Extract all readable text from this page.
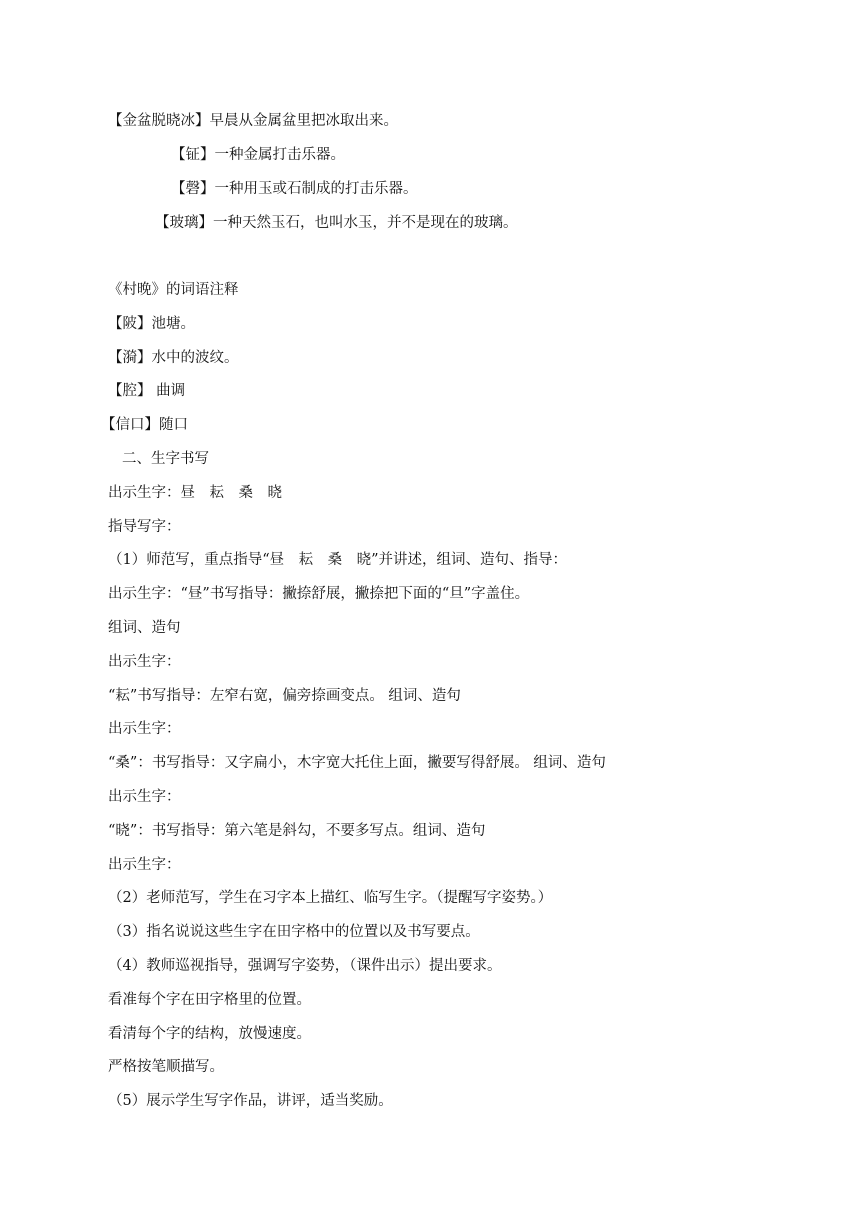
【金盆脱晓冰】早晨从金属盆里把冰取出来。
【钲】一种金属打击乐器。
【磬】一种用玉或石制成的打击乐器。
【玻璃】一种天然玉石，也叫水玉，并不是现在的玻璃。
《村晚》的词语注释
【陂】池塘。
【漪】水中的波纹。
【腔】 曲调
【信口】随口
二、生字书写
出示生字：昼　耘　桑　晓
指导写字：
（1）师范写，重点指导“昼　耘　桑　晓”并讲述，组词、造句、指导：
出示生字：“昼”书写指导：撇捺舒展，撇捺把下面的“旦”字盖住。
组词、造句
出示生字：
“耘”书写指导：左窄右宽，偏旁捺画变点。 组词、造句
出示生字：
“桑”：书写指导：又字扁小，木字宽大托住上面，撇要写得舒展。 组词、造句
出示生字：
“晓”：书写指导：第六笔是斜勾，不要多写点。组词、造句
出示生字：
（2）老师范写，学生在习字本上描红、临写生字。（提醒写字姿势。）
（3）指名说说这些生字在田字格中的位置以及书写要点。
（4）教师巡视指导，强调写字姿势，（课件出示）提出要求。
看准每个字在田字格里的位置。
看清每个字的结构，放慢速度。
严格按笔顺描写。
（5）展示学生写字作品，讲评，适当奖励。
